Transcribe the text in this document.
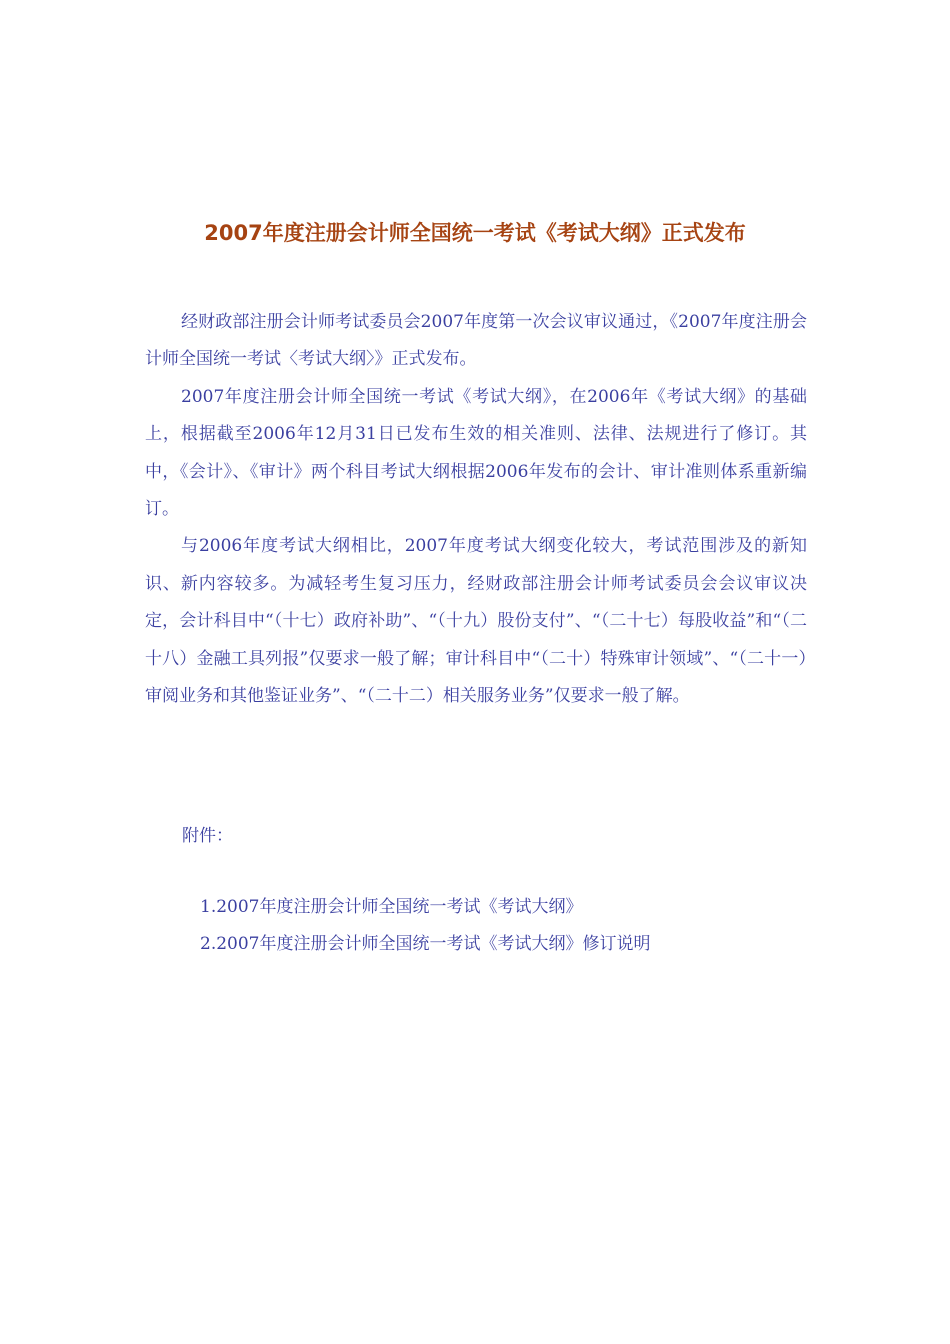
2007年度注册会计师全国统一考试《考试大纲》正式发布

经财政部注册会计师考试委员会2007年度第一次会议审议通过，《2007年度注册会计师全国统一考试〈考试大纲〉》正式发布。

2007年度注册会计师全国统一考试《考试大纲》，在2006年《考试大纲》的基础上，根据截至2006年12月31日已发布生效的相关准则、法律、法规进行了修订。其中，《会计》、《审计》两个科目考试大纲根据2006年发布的会计、审计准则体系重新编订。

与2006年度考试大纲相比，2007年度考试大纲变化较大，考试范围涉及的新知识、新内容较多。为减轻考生复习压力，经财政部注册会计师考试委员会会议审议决定，会计科目中“（十七）政府补助”、“（十九）股份支付”、“（二十七）每股收益”和“（二十八）金融工具列报”仅要求一般了解；审计科目中“（二十）特殊审计领域”、“（二十一）审阅业务和其他鉴证业务”、“（二十二）相关服务业务”仅要求一般了解。

附件：

1.2007年度注册会计师全国统一考试《考试大纲》
2.2007年度注册会计师全国统一考试《考试大纲》修订说明
